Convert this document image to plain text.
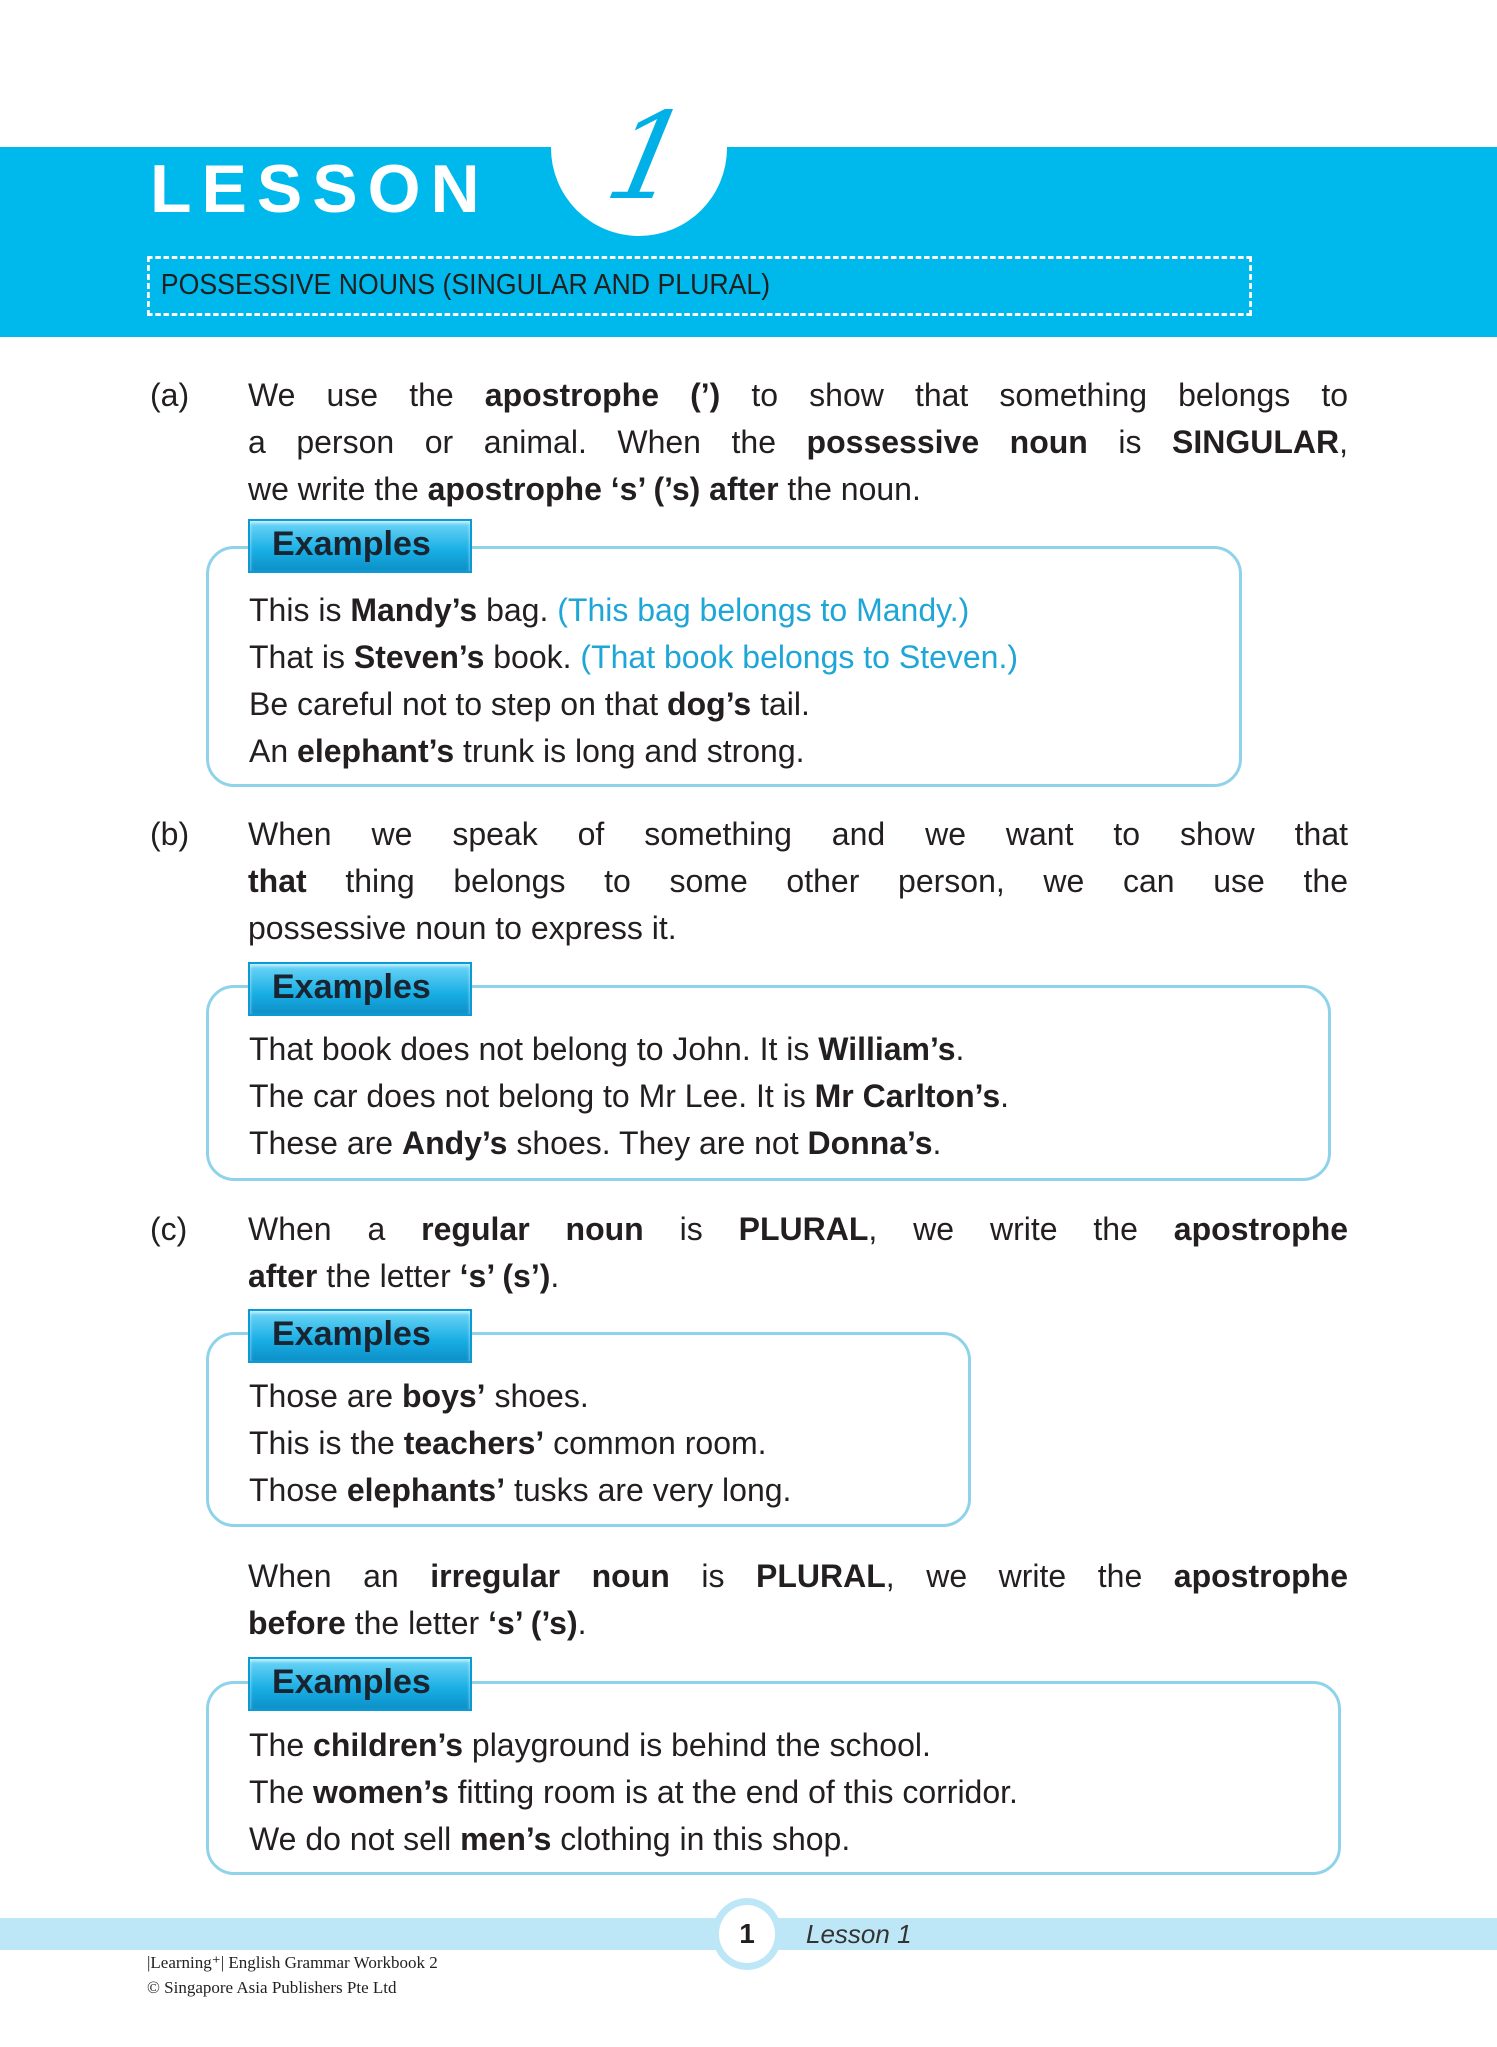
LESSON 1
POSSESSIVE NOUNS (SINGULAR AND PLURAL)
(a) We use the apostrophe (’) to show that something belongs to
a person or animal. When the possessive noun is SINGULAR,
we write the apostrophe ‘s’ (’s) after the noun.
This is Mandy’s bag. (This bag belongs to Mandy.)
That is Steven’s book. (That book belongs to Steven.)
Be careful not to step on that dog’s tail.
An elephant’s trunk is long and strong.
Examples
(b) When we speak of something and we want to show that
that thing belongs to some other person, we can use the
possessive noun to express it.
That book does not belong to John. It is William’s.
The car does not belong to Mr Lee. It is Mr Carlton’s.
These are Andy’s shoes. They are not Donna’s.
Examples
(c) When a regular noun is PLURAL, we write the apostrophe
after the letter ‘s’ (s’) .
Those are boys’ shoes.
This is the teachers’ common room.
Those elephants’ tusks are very long.
Examples
When an irregular noun is PLURAL, we write the apostrophe
before the letter ‘s’ (’s) .
The children’s playground is behind the school.
The women’s fitting room is at the end of this corridor.
We do not sell men’s clothing in this shop.
Examples
1	Lesson 1
|Learning⁺| English Grammar Workbook 2
© Singapore Asia Publishers Pte Ltd
